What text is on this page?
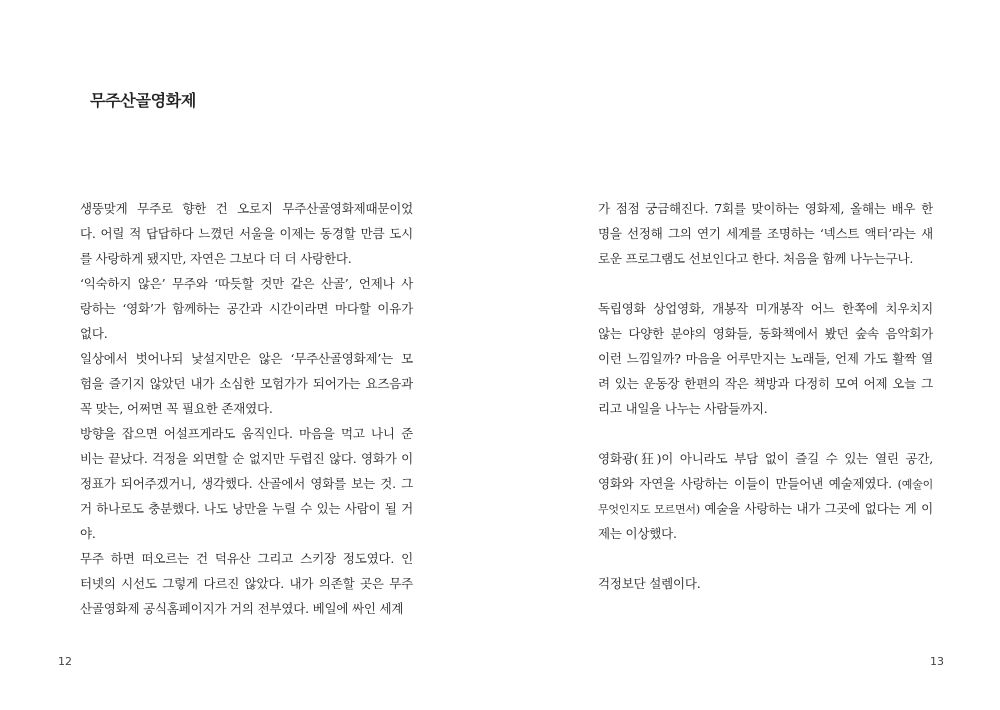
무주산골영화제
생뚱맞게 무주로 향한 건 오로지 무주산골영화제때문이었
다. 어릴 적 답답하다 느꼈던 서울을 이제는 동경할 만큼 도시
를 사랑하게 됐지만, 자연은 그보다 더 더 사랑한다.
‘익숙하지 않은’ 무주와 ‘따듯할 것만 같은 산골’, 언제나 사
랑하는 ‘영화’가 함께하는 공간과 시간이라면 마다할 이유가
없다.
일상에서 벗어나되 낯설지만은 않은 ‘무주산골영화제’는 모
험을 즐기지 않았던 내가 소심한 모험가가 되어가는 요즈음과
꼭 맞는, 어쩌면 꼭 필요한 존재였다.
방향을 잡으면 어설프게라도 움직인다. 마음을 먹고 나니 준
비는 끝났다. 걱정을 외면할 순 없지만 두렵진 않다. 영화가 이
정표가 되어주겠거니, 생각했다. 산골에서 영화를 보는 것. 그
거 하나로도 충분했다. 나도 낭만을 누릴 수 있는 사람이 될 거
야.
무주 하면 떠오르는 건 덕유산 그리고 스키장 정도였다. 인
터넷의 시선도 그렇게 다르진 않았다. 내가 의존할 곳은 무주
산골영화제 공식홈페이지가 거의 전부였다. 베일에 싸인 세계
12
가 점점 궁금해진다. 7회를 맞이하는 영화제, 올해는 배우 한
명을 선정해 그의 연기 세계를 조명하는 ‘넥스트 액터’라는 새
로운 프로그램도 선보인다고 한다. 처음을 함께 나누는구나.
독립영화 상업영화, 개봉작 미개봉작 어느 한쪽에 치우치지
않는 다양한 분야의 영화들, 동화책에서 봤던 숲속 음악회가
이런 느낌일까? 마음을 어루만지는 노래들, 언제 가도 활짝 열
려 있는 운동장 한편의 작은 책방과 다정히 모여 어제 오늘 그
리고 내일을 나누는 사람들까지.
영화광(狂)이 아니라도 부담 없이 즐길 수 있는 열린 공간,
영화와 자연을 사랑하는 이들이 만들어낸 예술제였다. (예술이
무엇인지도 모르면서) 예술을 사랑하는 내가 그곳에 없다는 게 이
제는 이상했다.
걱정보단 설렘이다.
13
